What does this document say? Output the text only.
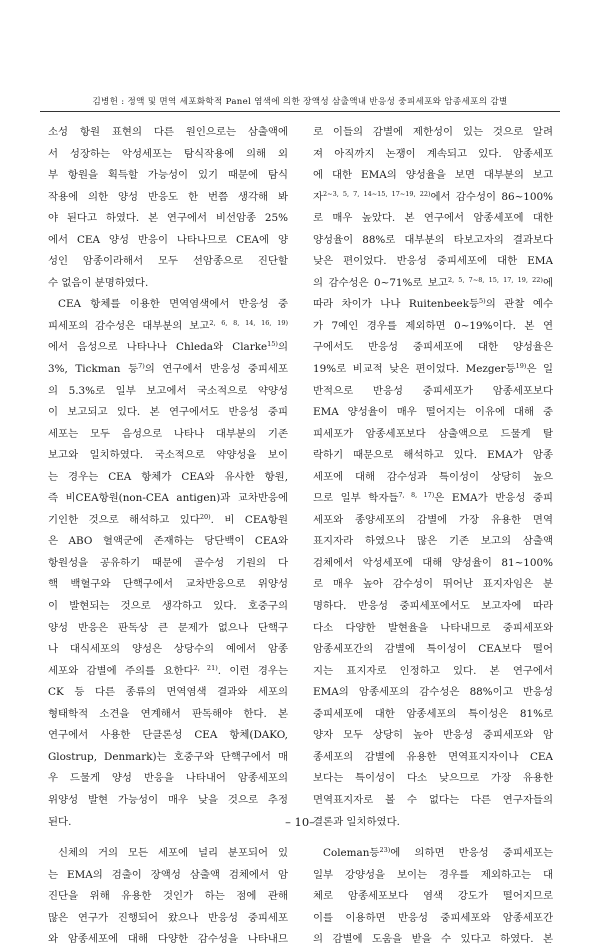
김병헌 : 정액 및 면역 세포화학적 Panel 염색에 의한 장액성 삼출액내 반응성 중피세포와 암종세포의 감별
소성 항원 표현의 다른 원인으로는 삼출액에
서 성장하는 악성세포는 탐식작용에 의해 외
부 항원을 획득할 가능성이 있기 때문에 탐식
작용에 의한 양성 반응도 한 번쯤 생각해 봐
야 된다고 하였다. 본 연구에서 비선암종 25%
에서 CEA 양성 반응이 나타나므로 CEA에 양
성인 암종이라해서 모두 선암종으로 진단할
수 없음이 분명하였다.
CEA 항체를 이용한 면역염색에서 반응성 중
피세포의 감수성은 대부분의 보고$^{2, 6, 8, 14, 16, 19)}$
에서 음성으로 나타나나 Chleda와 Clarke$^{15)}$의
3%, Tickman 등$^{7)}$의 연구에서 반응성 중피세포
의 5.3%로 일부 보고에서 국소적으로 약양성
이 보고되고 있다. 본 연구에서도 반응성 중피
세포는 모두 음성으로 나타나 대부분의 기존
보고와 일치하였다. 국소적으로 약양성을 보이
는 경우는 CEA 항체가 CEA와 유사한 항원,
즉 비CEA항원(non-CEA antigen)과 교차반응에
기인한 것으로 해석하고 있다$^{20)}$. 비 CEA항원
은 ABO 혈액군에 존재하는 당단백이 CEA와
항원성을 공유하기 때문에 골수성 기원의 다
핵 백혈구와 단핵구에서 교차반응으로 위양성
이 발현되는 것으로 생각하고 있다. 호중구의
양성 반응은 판독상 큰 문제가 없으나 단핵구
나 대식세포의 양성은 상당수의 예에서 암종
세포와 감별에 주의를 요한다$^{2, 21)}$. 이런 경우는
CK 등 다른 종류의 면역염색 결과와 세포의
형태학적 소견을 연계해서 판독해야 한다. 본
연구에서 사용한 단클론성 CEA 항체(DAKO,
Glostrup, Denmark)는 호중구와 단핵구에서 매
우 드물게 양성 반응을 나타내어 암종세포의
위양성 발현 가능성이 매우 낮을 것으로 추정
된다.
신체의 거의 모든 세포에 널리 분포되어 있
는 EMA의 검출이 장액성 삼출액 검체에서 암
진단을 위해 유용한 것인가 하는 점에 관해
많은 연구가 진행되어 왔으나 반응성 중피세포
와 암종세포에 대해 다양한 감수성을 나타내므
로 이들의 감별에 제한성이 있는 것으로 알려
져 아직까지 논쟁이 계속되고 있다. 암종세포
에 대한 EMA의 양성율을 보면 대부분의 보고
자$^{2\sim 3, 5, 7, 14\sim 15, 17\sim 19, 22)}$에서 감수성이 86~100%
로 매우 높았다. 본 연구에서 암종세포에 대한
양성율이 88%로 대부분의 타보고자의 결과보다
낮은 편이었다. 반응성 중피세포에 대한 EMA
의 감수성은 0~71%로 보고$^{2, 5, 7\sim 8, 15, 17, 19, 22)}$에
따라 차이가 나나 Ruitenbeek등$^{5)}$의 관찰 예수
가 7예인 경우를 제외하면 0~19%이다. 본 연
구에서도 반응성 중피세포에 대한 양성율은
19%로 비교적 낮은 편이었다. Mezger등$^{19)}$은 일
반적으로 반응성 중피세포가 암종세포보다
EMA 양성율이 매우 떨어지는 이유에 대해 중
피세포가 암종세포보다 삼출액으로 드물게 탈
락하기 때문으로 해석하고 있다. EMA가 암종
세포에 대해 감수성과 특이성이 상당히 높으
므로 일부 학자들$^{7, 8, 17)}$은 EMA가 반응성 중피
세포와 종양세포의 감별에 가장 유용한 면역
표지자라 하였으나 많은 기존 보고의 삼출액
검체에서 악성세포에 대해 양성율이 81~100%
로 매우 높아 감수성이 뛰어난 표지자임은 분
명하다. 반응성 중피세포에서도 보고자에 따라
다소 다양한 발현율을 나타내므로 중피세포와
암종세포간의 감별에 특이성이 CEA보다 떨어
지는 표지자로 인정하고 있다. 본 연구에서
EMA의 암종세포의 감수성은 88%이고 반응성
중피세포에 대한 암종세포의 특이성은 81%로
양자 모두 상당히 높아 반응성 중피세포와 암
종세포의 감별에 유용한 면역표지자이나 CEA
보다는 특이성이 다소 낮으므로 가장 유용한
면역표지자로 볼 수 없다는 다른 연구자들의
결론과 일치하였다.
Coleman등$^{23)}$에 의하면 반응성 중피세포는
일부 강양성을 보이는 경우를 제외하고는 대
체로 암종세포보다 염색 강도가 떨어지므로
이를 이용하면 반응성 중피세포와 암종세포간
의 감별에 도움을 받을 수 있다고 하였다. 본
– 10–
